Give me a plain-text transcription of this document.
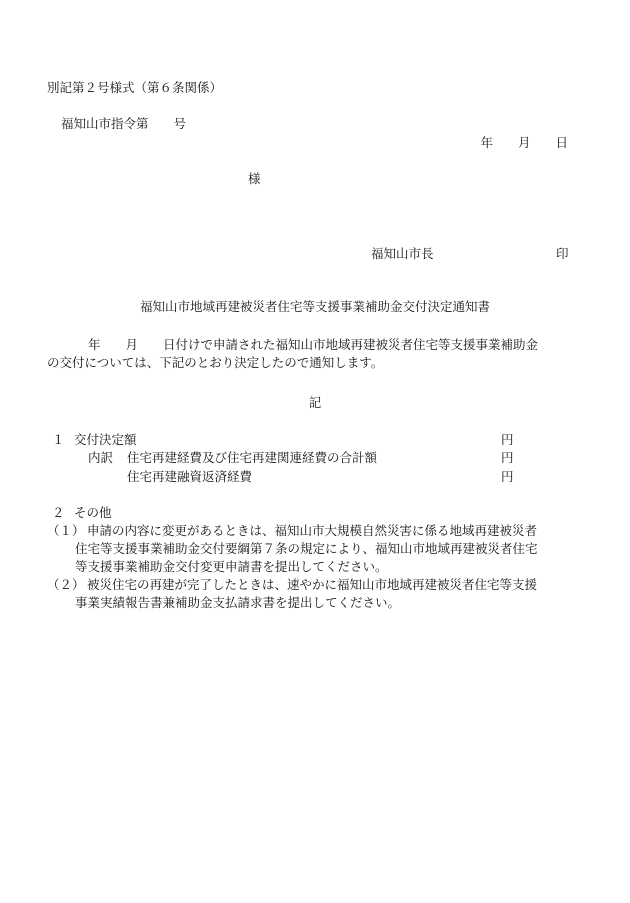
別記第２号様式（第６条関係）
福知山市指令第　　号
年　　月　　日
様
福知山市長	印
福知山市地域再建被災者住宅等支援事業補助金交付決定通知書
年　　月　　日付けで申請された福知山市地域再建被災者住宅等支援事業補助金
の交付については、下記のとおり決定したので通知します。
記
１ 交付決定額	円
内訳 住宅再建経費及び住宅再建関連経費の合計額	円
住宅再建融資返済経費	円
２ その他
（１） 申請の内容に変更があるときは、福知山市大規模自然災害に係る地域再建被災者
住宅等支援事業補助金交付要綱第７条の規定により、福知山市地域再建被災者住宅
等支援事業補助金交付変更申請書を提出してください。
（２） 被災住宅の再建が完了したときは、速やかに福知山市地域再建被災者住宅等支援
事業実績報告書兼補助金支払請求書を提出してください。
